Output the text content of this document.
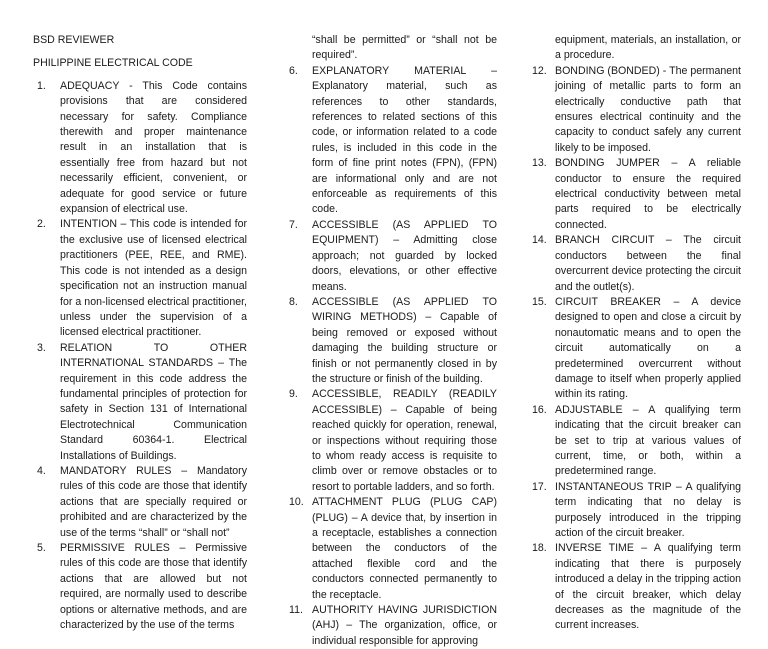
BSD REVIEWER

PHILIPPINE ELECTRICAL CODE

1. ADEQUACY - This Code contains provisions that are considered necessary for safety. Compliance therewith and proper maintenance result in an installation that is essentially free from hazard but not necessarily efficient, convenient, or adequate for good service or future expansion of electrical use.
2. INTENTION – This code is intended for the exclusive use of licensed electrical practitioners (PEE, REE, and RME). This code is not intended as a design specification not an instruction manual for a non-licensed electrical practitioner, unless under the supervision of a licensed electrical practitioner.
3. RELATION TO OTHER INTERNATIONAL STANDARDS – The requirement in this code address the fundamental principles of protection for safety in Section 131 of International Electrotechnical Communication Standard 60364-1. Electrical Installations of Buildings.
4. MANDATORY RULES – Mandatory rules of this code are those that identify actions that are specially required or prohibited and are characterized by the use of the terms “shall” or “shall not”
5. PERMISSIVE RULES – Permissive rules of this code are those that identify actions that are allowed but not required, are normally used to describe options or alternative methods, and are characterized by the use of the terms

“shall be permitted” or “shall not be required”.

6. EXPLANATORY MATERIAL – Explanatory material, such as references to other standards, references to related sections of this code, or information related to a code rules, is included in this code in the form of fine print notes (FPN), (FPN) are informational only and are not enforceable as requirements of this code.
7. ACCESSIBLE (AS APPLIED TO EQUIPMENT) – Admitting close approach; not guarded by locked doors, elevations, or other effective means.
8. ACCESSIBLE (AS APPLIED TO WIRING METHODS) – Capable of being removed or exposed without damaging the building structure or finish or not permanently closed in by the structure or finish of the building.
9. ACCESSIBLE, READILY (READILY ACCESSIBLE) – Capable of being reached quickly for operation, renewal, or inspections without requiring those to whom ready access is requisite to climb over or remove obstacles or to resort to portable ladders, and so forth.
10. ATTACHMENT PLUG (PLUG CAP) (PLUG) – A device that, by insertion in a receptacle, establishes a connection between the conductors of the attached flexible cord and the conductors connected permanently to the receptacle.
11. AUTHORITY HAVING JURISDICTION (AHJ) – The organization, office, or individual responsible for approving

equipment, materials, an installation, or a procedure.

12. BONDING (BONDED) - The permanent joining of metallic parts to form an electrically conductive path that ensures electrical continuity and the capacity to conduct safely any current likely to be imposed.
13. BONDING JUMPER – A reliable conductor to ensure the required electrical conductivity between metal parts required to be electrically connected.
14. BRANCH CIRCUIT – The circuit conductors between the final overcurrent device protecting the circuit and the outlet(s).
15. CIRCUIT BREAKER – A device designed to open and close a circuit by nonautomatic means and to open the circuit automatically on a predetermined overcurrent without damage to itself when properly applied within its rating.
16. ADJUSTABLE – A qualifying term indicating that the circuit breaker can be set to trip at various values of current, time, or both, within a predetermined range.
17. INSTANTANEOUS TRIP – A qualifying term indicating that no delay is purposely introduced in the tripping action of the circuit breaker.
18. INVERSE TIME – A qualifying term indicating that there is purposely introduced a delay in the tripping action of the circuit breaker, which delay decreases as the magnitude of the current increases.
